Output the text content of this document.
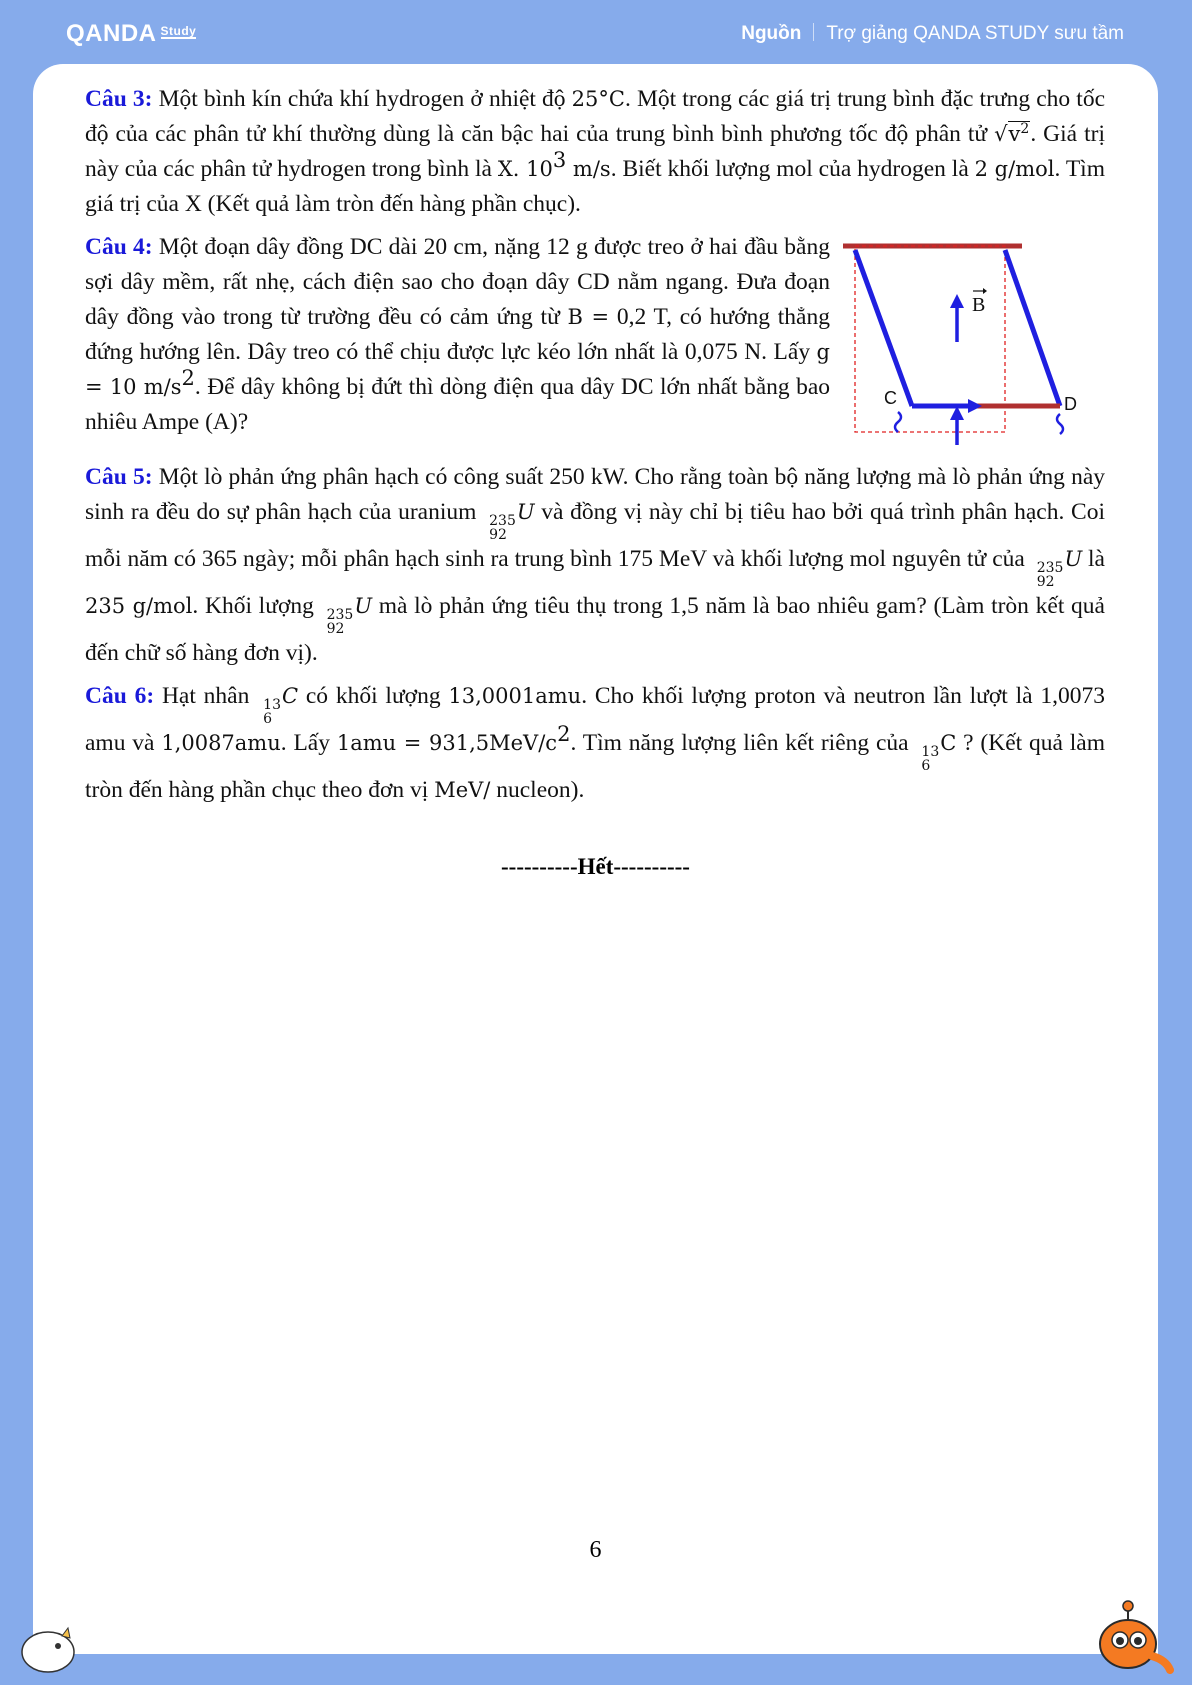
QANDA Study	Nguồn Trợ giảng QANDA STUDY sưu tầm

Câu 3: Một bình kín chứa khí hydrogen ở nhiệt độ 25°C. Một trong các giá trị trung bình đặc trưng cho tốc độ của các phân tử khí thường dùng là căn bậc hai của trung bình bình phương tốc độ phân tử $√v^2$. Giá trị này của các phân tử hydrogen trong bình là X. $10^3$ m/s. Biết khối lượng mol của hydrogen là 2 g/mol. Tìm giá trị của X (Kết quả làm tròn đến hàng phần chục).

Câu 4: Một đoạn dây đồng DC dài 20 cm, nặng 12 g được treo ở hai đầu bằng sợi dây mềm, rất nhẹ, cách điện sao cho đoạn dây CD nằm ngang. Đưa đoạn dây đồng vào trong từ trường đều có cảm ứng từ B = 0,2 T, có hướng thẳng đứng hướng lên. Dây treo có thể chịu được lực kéo lớn nhất là 0,075 N. Lấy g = 10 $m/s^2$. Để dây không bị đứt thì dòng điện qua dây DC lớn nhất bằng bao nhiêu Ampe (A)?

B
C	D

Câu 5: Một lò phản ứng phân hạch có công suất 250 kW. Cho rằng toàn bộ năng lượng mà lò phản ứng này sinh ra đều do sự phân hạch của uranium 235
92
U và đồng vị này chỉ bị tiêu hao bởi quá trình phân hạch. Coi mỗi năm có 365 ngày; mỗi phân hạch sinh ra trung bình 175 MeV và khối lượng mol nguyên tử của 235
92
U là 235 g/mol. Khối lượng 235
92
U mà lò phản ứng tiêu thụ trong 1,5 năm là bao nhiêu gam? (Làm tròn kết quả đến chữ số hàng đơn vị).

Câu 6: Hạt nhân 13
6
C có khối lượng 13,0001amu. Cho khối lượng proton và neutron lần lượt là 1,0073 amu và 1,0087amu. Lấy $1amu = 931,5MeV/c^2$. Tìm năng lượng liên kết riêng của 13
6
C ? (Kết quả làm tròn đến hàng phần chục theo đơn vị MeV/ nucleon).

----------Hết----------
6
